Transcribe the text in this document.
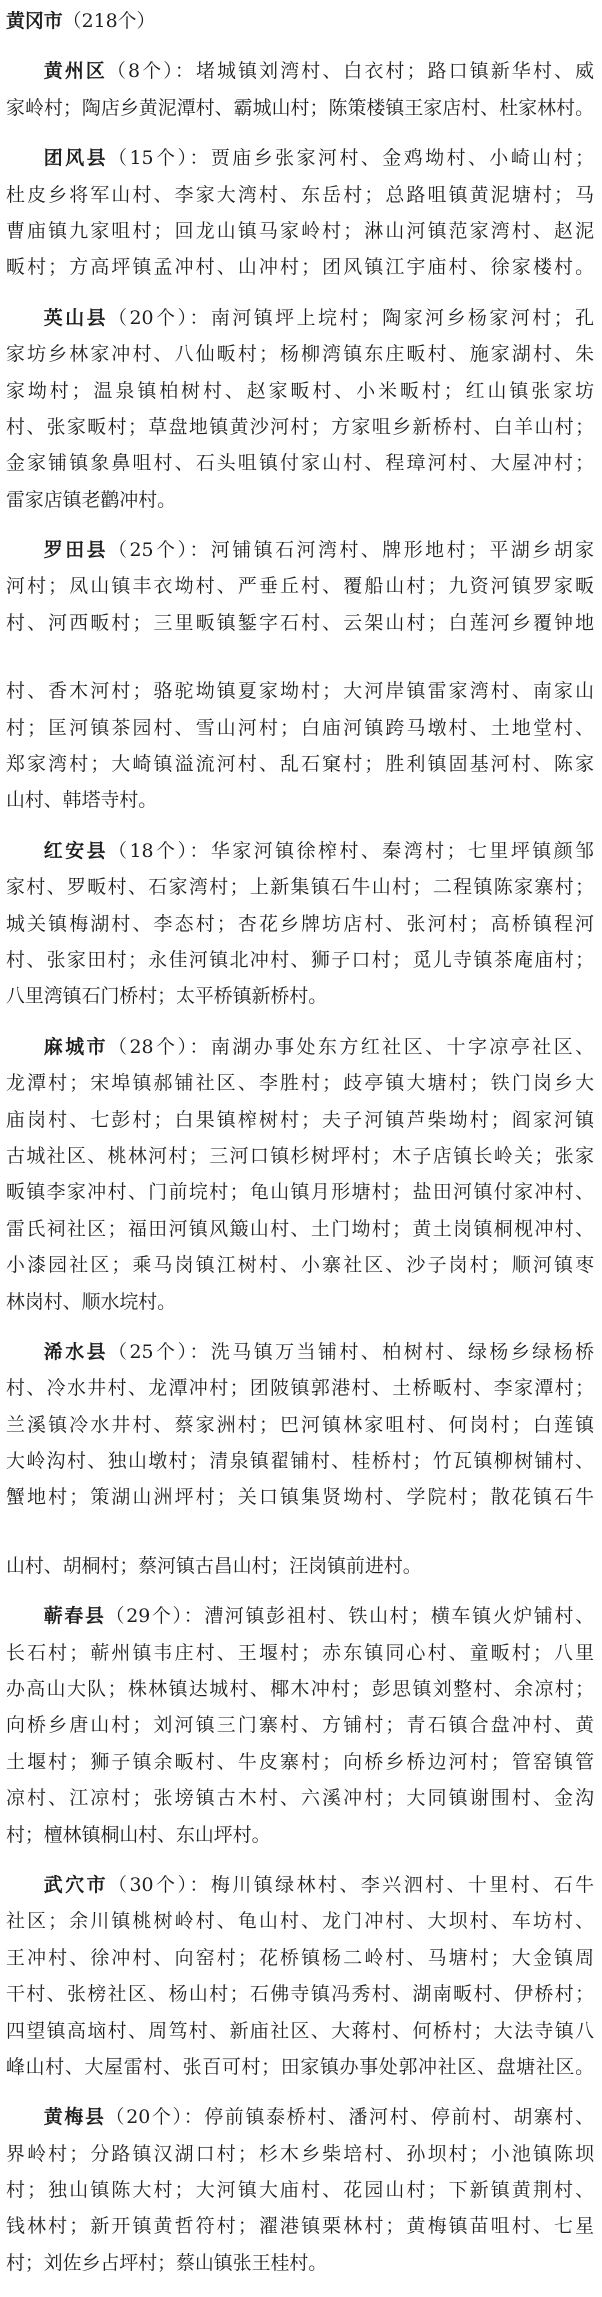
黄冈市（218个）
黄州区（8个）：堵城镇刘湾村、白衣村；路口镇新华村、威
家岭村；陶店乡黄泥潭村、霸城山村；陈策楼镇王家店村、杜家林村。
团风县（15个）：贾庙乡张家河村、金鸡坳村、小崎山村；
杜皮乡将军山村、李家大湾村、东岳村；总路咀镇黄泥塘村；马
曹庙镇九家咀村；回龙山镇马家岭村；淋山河镇范家湾村、赵泥
畈村；方高坪镇孟冲村、山冲村；团风镇江宇庙村、徐家楼村。
英山县（20个）：南河镇坪上垸村；陶家河乡杨家河村；孔
家坊乡林家冲村、八仙畈村；杨柳湾镇东庄畈村、施家湖村、朱
家坳村；温泉镇柏树村、赵家畈村、小米畈村；红山镇张家坊
村、张家畈村；草盘地镇黄沙河村；方家咀乡新桥村、白羊山村；
金家铺镇象鼻咀村、石头咀镇付家山村、程璋河村、大屋冲村；
雷家店镇老鹳冲村。
罗田县（25个）：河铺镇石河湾村、牌形地村；平湖乡胡家
河村；凤山镇丰衣坳村、严垂丘村、覆船山村；九资河镇罗家畈
村、河西畈村；三里畈镇錾字石村、云架山村；白莲河乡覆钟地
村、香木河村；骆驼坳镇夏家坳村；大河岸镇雷家湾村、南家山
村；匡河镇茶园村、雪山河村；白庙河镇跨马墩村、土地堂村、
郑家湾村；大崎镇溢流河村、乱石窠村；胜利镇固基河村、陈家
山村、韩塔寺村。
红安县（18个）：华家河镇徐榨村、秦湾村；七里坪镇颜邹
家村、罗畈村、石家湾村；上新集镇石牛山村；二程镇陈家寨村；
城关镇梅湖村、李态村；杏花乡牌坊店村、张河村；高桥镇程河
村、张家田村；永佳河镇北冲村、狮子口村；觅儿寺镇茶庵庙村；
八里湾镇石门桥村；太平桥镇新桥村。
麻城市（28个）：南湖办事处东方红社区、十字凉亭社区、
龙潭村；宋埠镇郝铺社区、李胜村；歧亭镇大塘村；铁门岗乡大
庙岗村、七彭村；白果镇榨树村；夫子河镇芦柴坳村；阎家河镇
古城社区、桃林河村；三河口镇杉树坪村；木子店镇长岭关；张家
畈镇李家冲村、门前垸村；龟山镇月形塘村；盐田河镇付家冲村、
雷氏祠社区；福田河镇风簸山村、土门坳村；黄土岗镇桐枧冲村、
小漆园社区；乘马岗镇江树村、小寨社区、沙子岗村；顺河镇枣
林岗村、顺水垸村。
浠水县（25个）：洗马镇万当铺村、柏树村、绿杨乡绿杨桥
村、冷水井村、龙潭冲村；团陂镇郭港村、土桥畈村、李家潭村；
兰溪镇冷水井村、蔡家洲村；巴河镇林家咀村、何岗村；白莲镇
大岭沟村、独山墩村；清泉镇翟铺村、桂桥村；竹瓦镇柳树铺村、
蟹地村；策湖山洲坪村；关口镇集贤坳村、学院村；散花镇石牛
山村、胡桐村；蔡河镇古昌山村；汪岗镇前进村。
蕲春县（29个）：漕河镇彭祖村、铁山村；横车镇火炉铺村、
长石村；蕲州镇韦庄村、王堰村；赤东镇同心村、童畈村；八里
办高山大队；株林镇达城村、椰木冲村；彭思镇刘整村、余凉村；
向桥乡唐山村；刘河镇三门寨村、方铺村；青石镇合盘冲村、黄
土堰村；狮子镇余畈村、牛皮寨村；向桥乡桥边河村；管窑镇管
凉村、江凉村；张塝镇古木村、六溪冲村；大同镇谢围村、金沟
村；檀林镇桐山村、东山坪村。
武穴市（30个）：梅川镇绿林村、李兴泗村、十里村、石牛
社区；余川镇桃树岭村、龟山村、龙门冲村、大坝村、车坊村、
王冲村、徐冲村、向窑村；花桥镇杨二岭村、马塘村；大金镇周
干村、张榜社区、杨山村；石佛寺镇冯秀村、湖南畈村、伊桥村；
四望镇高垴村、周笃村、新庙社区、大蒋村、何桥村；大法寺镇八
峰山村、大屋雷村、张百可村；田家镇办事处郭冲社区、盘塘社区。
黄梅县（20个）：停前镇泰桥村、潘河村、停前村、胡寨村、
界岭村；分路镇汉湖口村；杉木乡柴培村、孙坝村；小池镇陈坝
村；独山镇陈大村；大河镇大庙村、花园山村；下新镇黄荆村、
钱林村；新开镇黄哲符村；濯港镇栗林村；黄梅镇苗咀村、七星
村；刘佐乡占坪村；蔡山镇张王桂村。
